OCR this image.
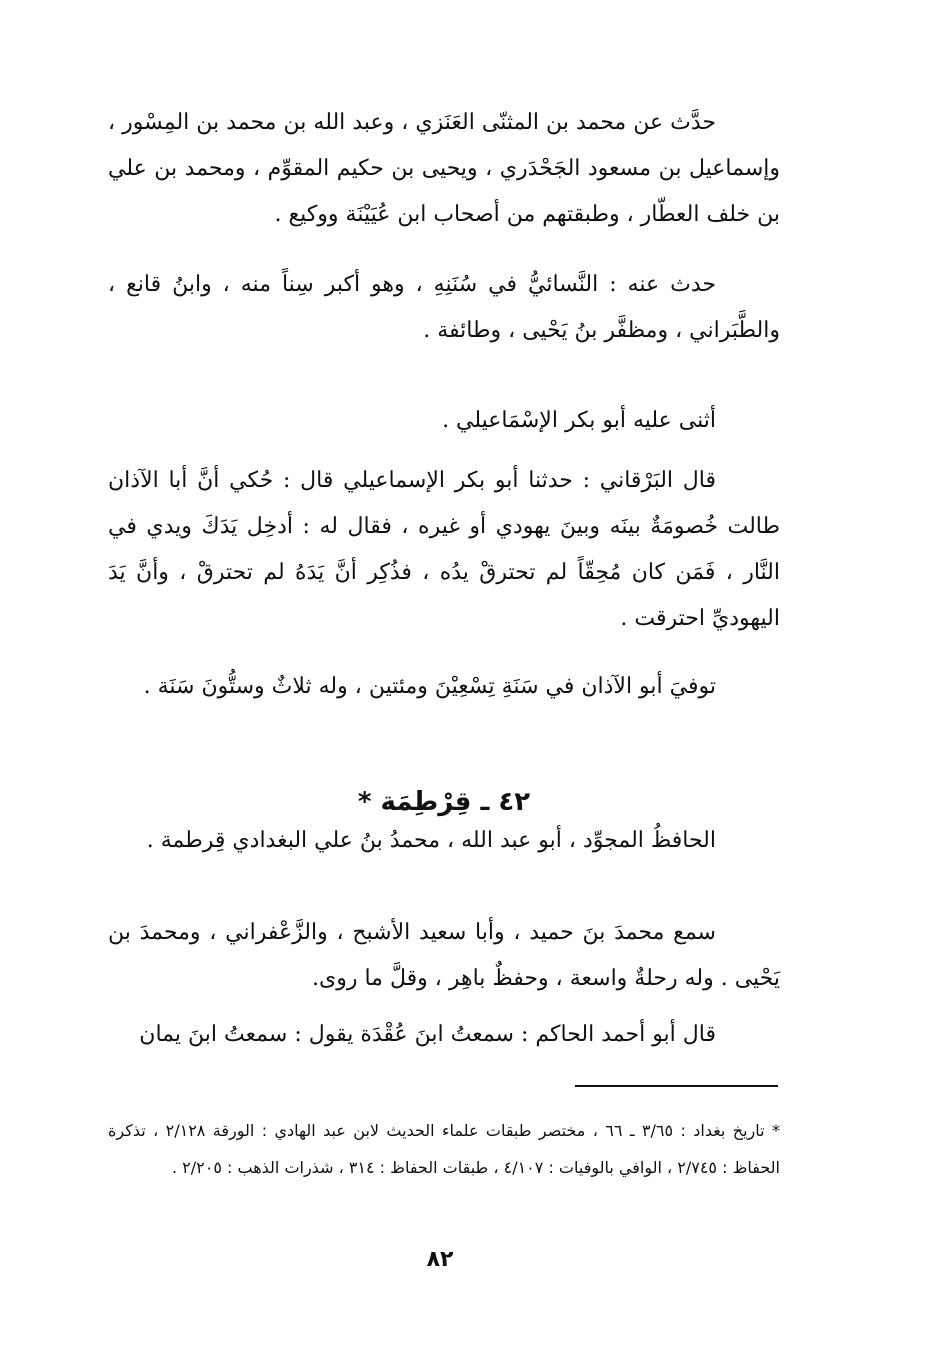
حدَّث عن محمد بن المثنّى العَنَزي ، وعبد الله بن محمد بن المِسْور ، وإسماعيل بن مسعود الجَحْدَري ، ويحيى بن حكيم المقوِّم ، ومحمد بن علي بن خلف العطّار ، وطبقتهم من أصحاب ابن عُيَيْنَة ووكيع .

حدث عنه : النَّسائيُّ في سُنَنِهِ ، وهو أكبر سِناً منه ، وابنُ قانع ، والطَّبَراني ، ومظفَّر بنُ يَحْيى ، وطائفة .

أثنى عليه أبو بكر الإسْمَاعيلي .

قال البَرْقاني : حدثنا أبو بكر الإسماعيلي قال : حُكي أنَّ أبا الآذان طالت خُصومَةٌ بينَه وبينَ يهودي أو غيره ، فقال له : أدخِل يَدَكَ ويدي في النَّار ، فَمَن كان مُحِقّاً لم تحترقْ يدُه ، فذُكِر أنَّ يَدَهُ لم تحترقْ ، وأنَّ يَدَ اليهوديِّ احترقت .

توفيَ أبو الآذان في سَنَةِ تِسْعِيْنَ ومئتين ، وله ثلاثٌ وستُّونَ سَنَة .

٤٢ ـ قِرْطِمَة *

الحافظُ المجوِّد ، أبو عبد الله ، محمدُ بنُ علي البغدادي قِرطمة .

سمع محمدَ بنَ حميد ، وأبا سعيد الأشبح ، والزَّعْفراني ، ومحمدَ بن يَحْيى . وله رحلةٌ واسعة ، وحفظٌ باهِر ، وقلَّ ما روى.

قال أبو أحمد الحاكم : سمعتُ ابنَ عُقْدَة يقول : سمعتُ ابنَ يمان

* تاريخ بغداد : ٣/٦٥ ـ ٦٦ ، مختصر طبقات علماء الحديث لابن عبد الهادي : الورقة ٢/١٢٨ ، تذكرة الحفاظ : ٢/٧٤٥ ، الوافي بالوفيات : ٤/١٠٧ ، طبقات الحفاظ : ٣١٤ ، شذرات الذهب : ٢/٢٠٥ .

٨٢
